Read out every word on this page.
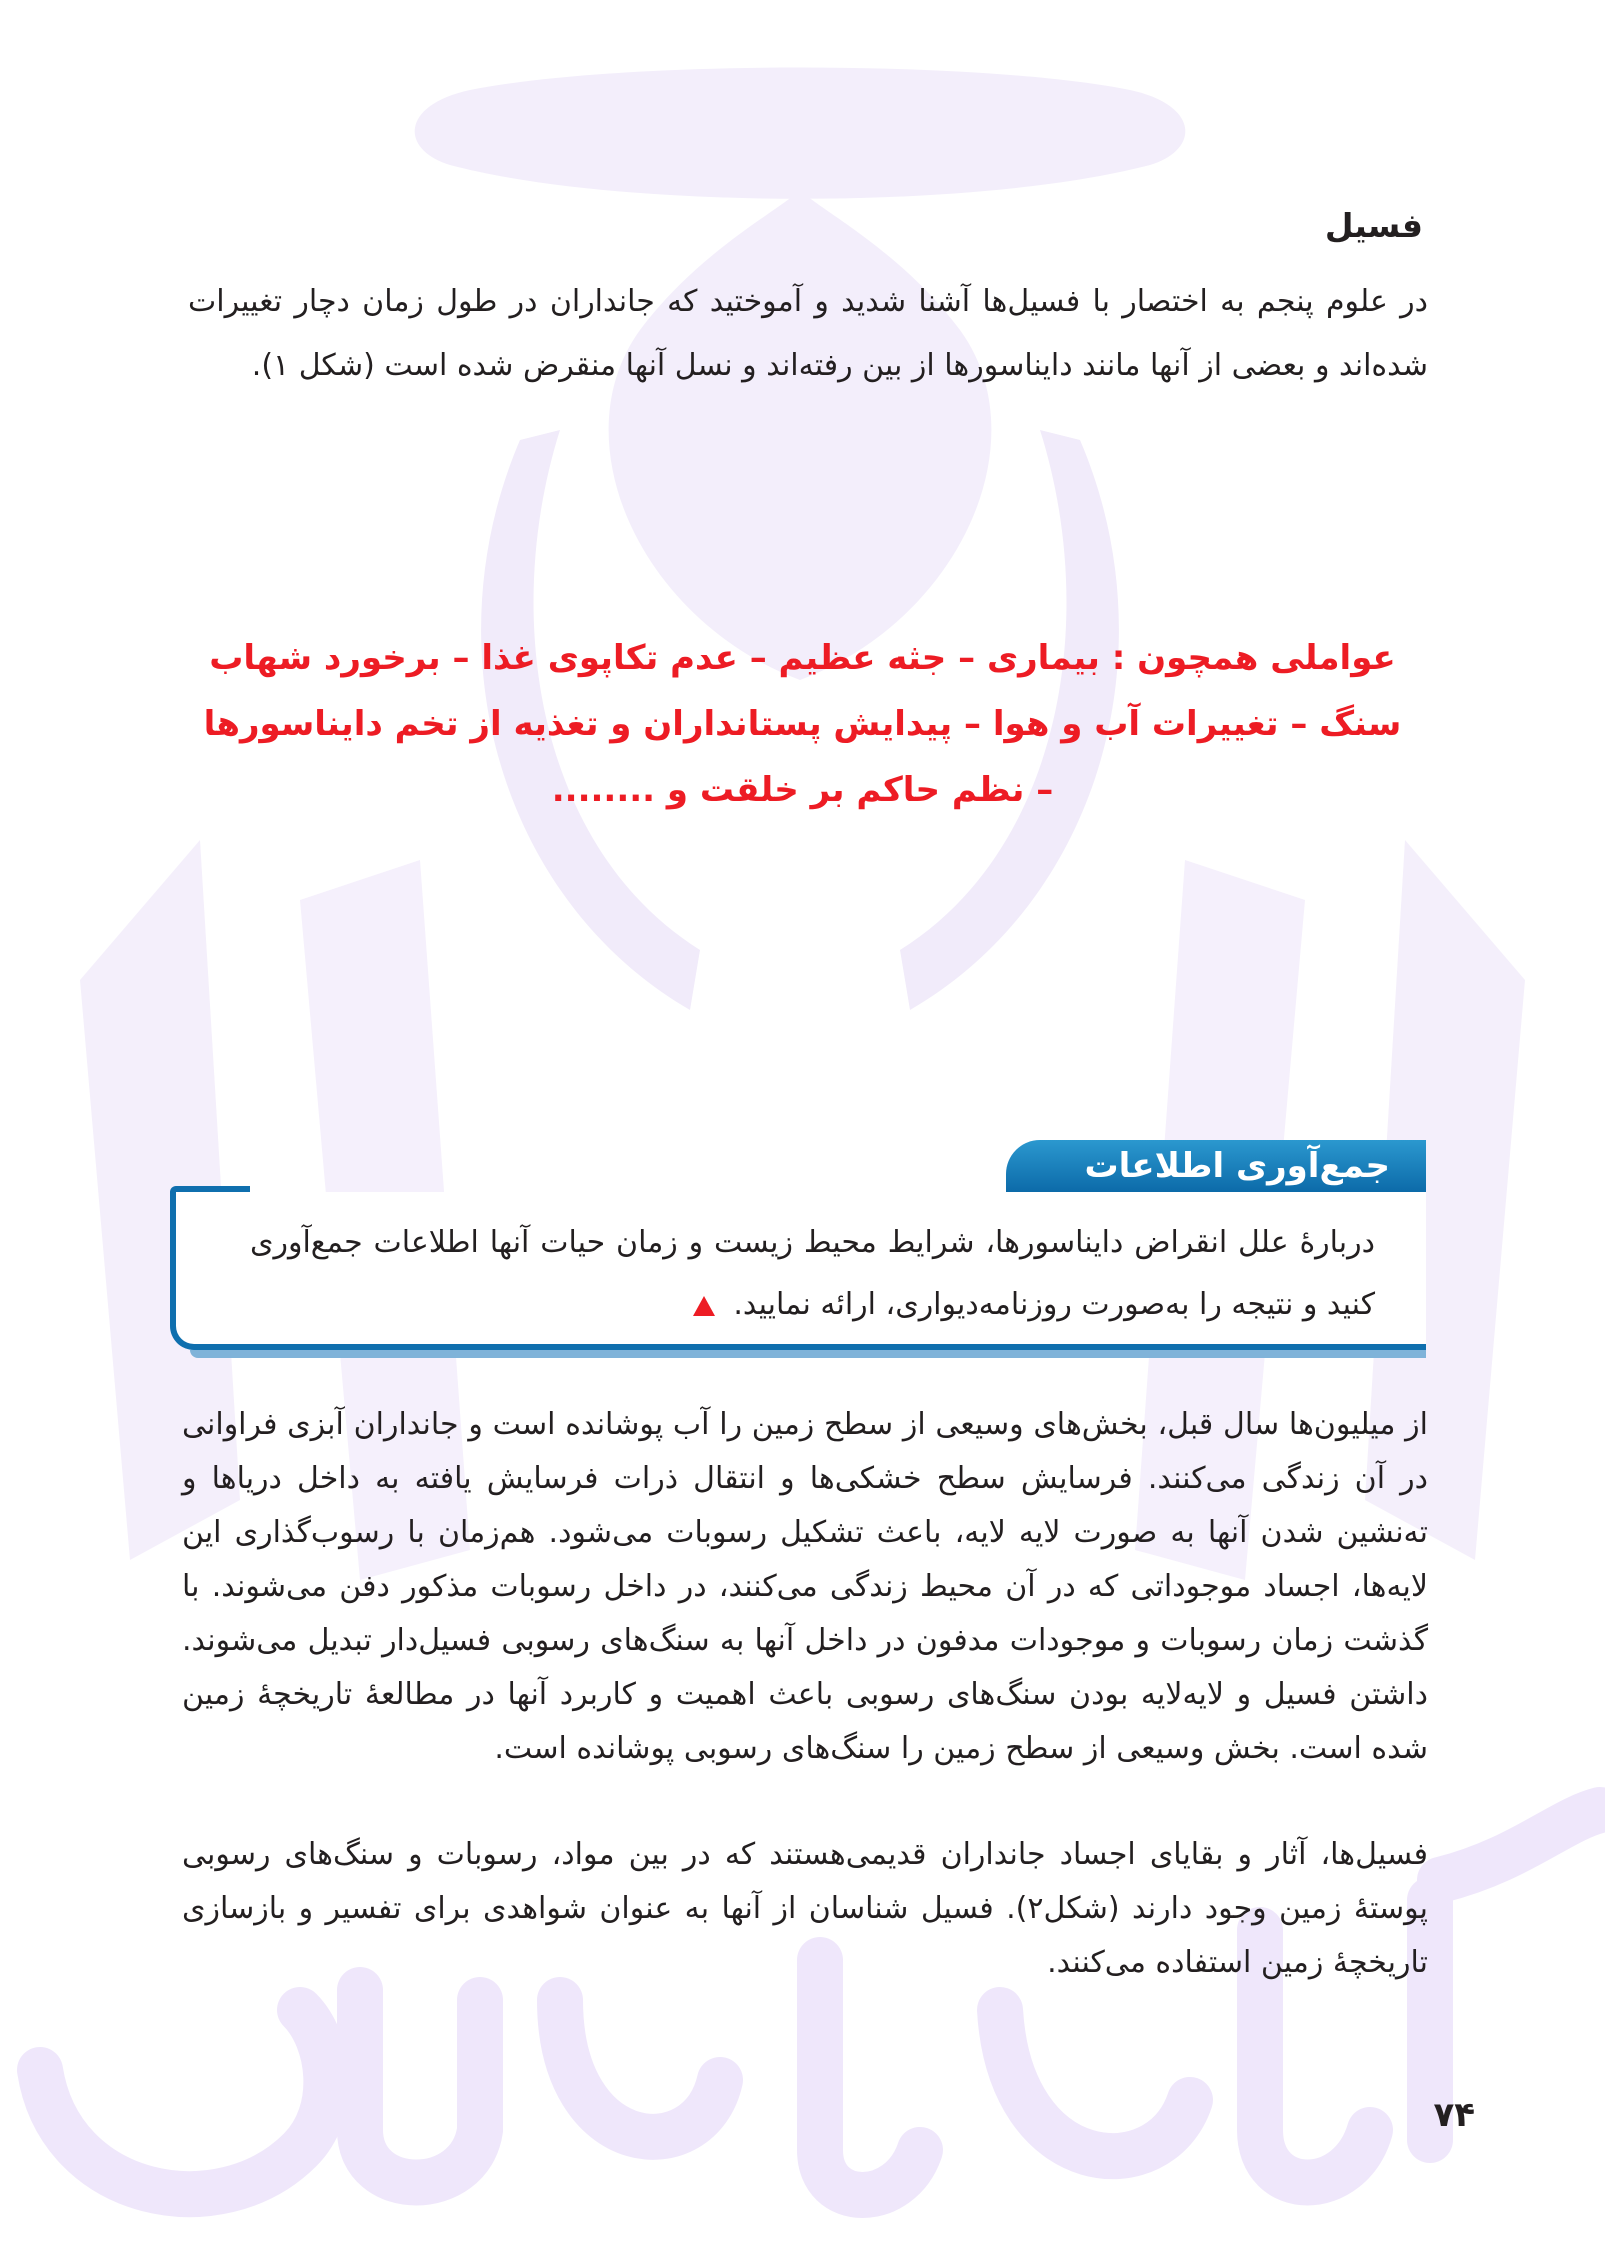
فسیل

در علوم پنجم به اختصار با فسیل‌ها آشنا شدید و آموختید که جانداران در طول زمان دچار تغییرات شده‌اند و بعضی از آنها مانند دایناسورها از بین رفته‌اند و نسل آنها منقرض شده است (شکل ۱).

عواملی همچون : بیماری – جثه عظیم – عدم تکاپوی غذا – برخورد شهاب سنگ – تغییرات آب و هوا – پیدایش پستانداران و تغذیه از تخم دایناسورها – نظم حاکم بر خلقت و ........

جمع‌آوری اطلاعات

دربارۀ علل انقراض دایناسورها، شرایط محیط زیست و زمان حیات آنها اطلاعات جمع‌آوری کنید و نتیجه را به‌صورت روزنامه‌دیواری، ارائه نمایید.

از میلیون‌ها سال قبل، بخش‌های وسیعی از سطح زمین را آب پوشانده است و جانداران آبزی فراوانی در آن زندگی می‌کنند. فرسایش سطح خشکی‌ها و انتقال ذرات فرسایش یافته به داخل دریاها و ته‌نشین شدن آنها به صورت لایه لایه، باعث تشکیل رسوبات می‌شود. هم‌زمان با رسوب‌گذاری این لایه‌ها، اجساد موجوداتی که در آن محیط زندگی می‌کنند، در داخل رسوبات مذکور دفن می‌شوند. با گذشت زمان رسوبات و موجودات مدفون در داخل آنها به سنگ‌های رسوبی فسیل‌دار تبدیل می‌شوند. داشتن فسیل و لایه‌لایه بودن سنگ‌های رسوبی باعث اهمیت و کاربرد آنها در مطالعۀ تاریخچۀ زمین شده است. بخش وسیعی از سطح زمین را سنگ‌های رسوبی پوشانده است.

فسیل‌ها، آثار و بقایای اجساد جانداران قدیمی‌هستند که در بین مواد، رسوبات و سنگ‌های رسوبی پوستۀ زمین وجود دارند (شکل۲). فسیل شناسان از آنها به عنوان شواهدی برای تفسیر و بازسازی تاریخچۀ زمین استفاده می‌کنند.

۷۴
